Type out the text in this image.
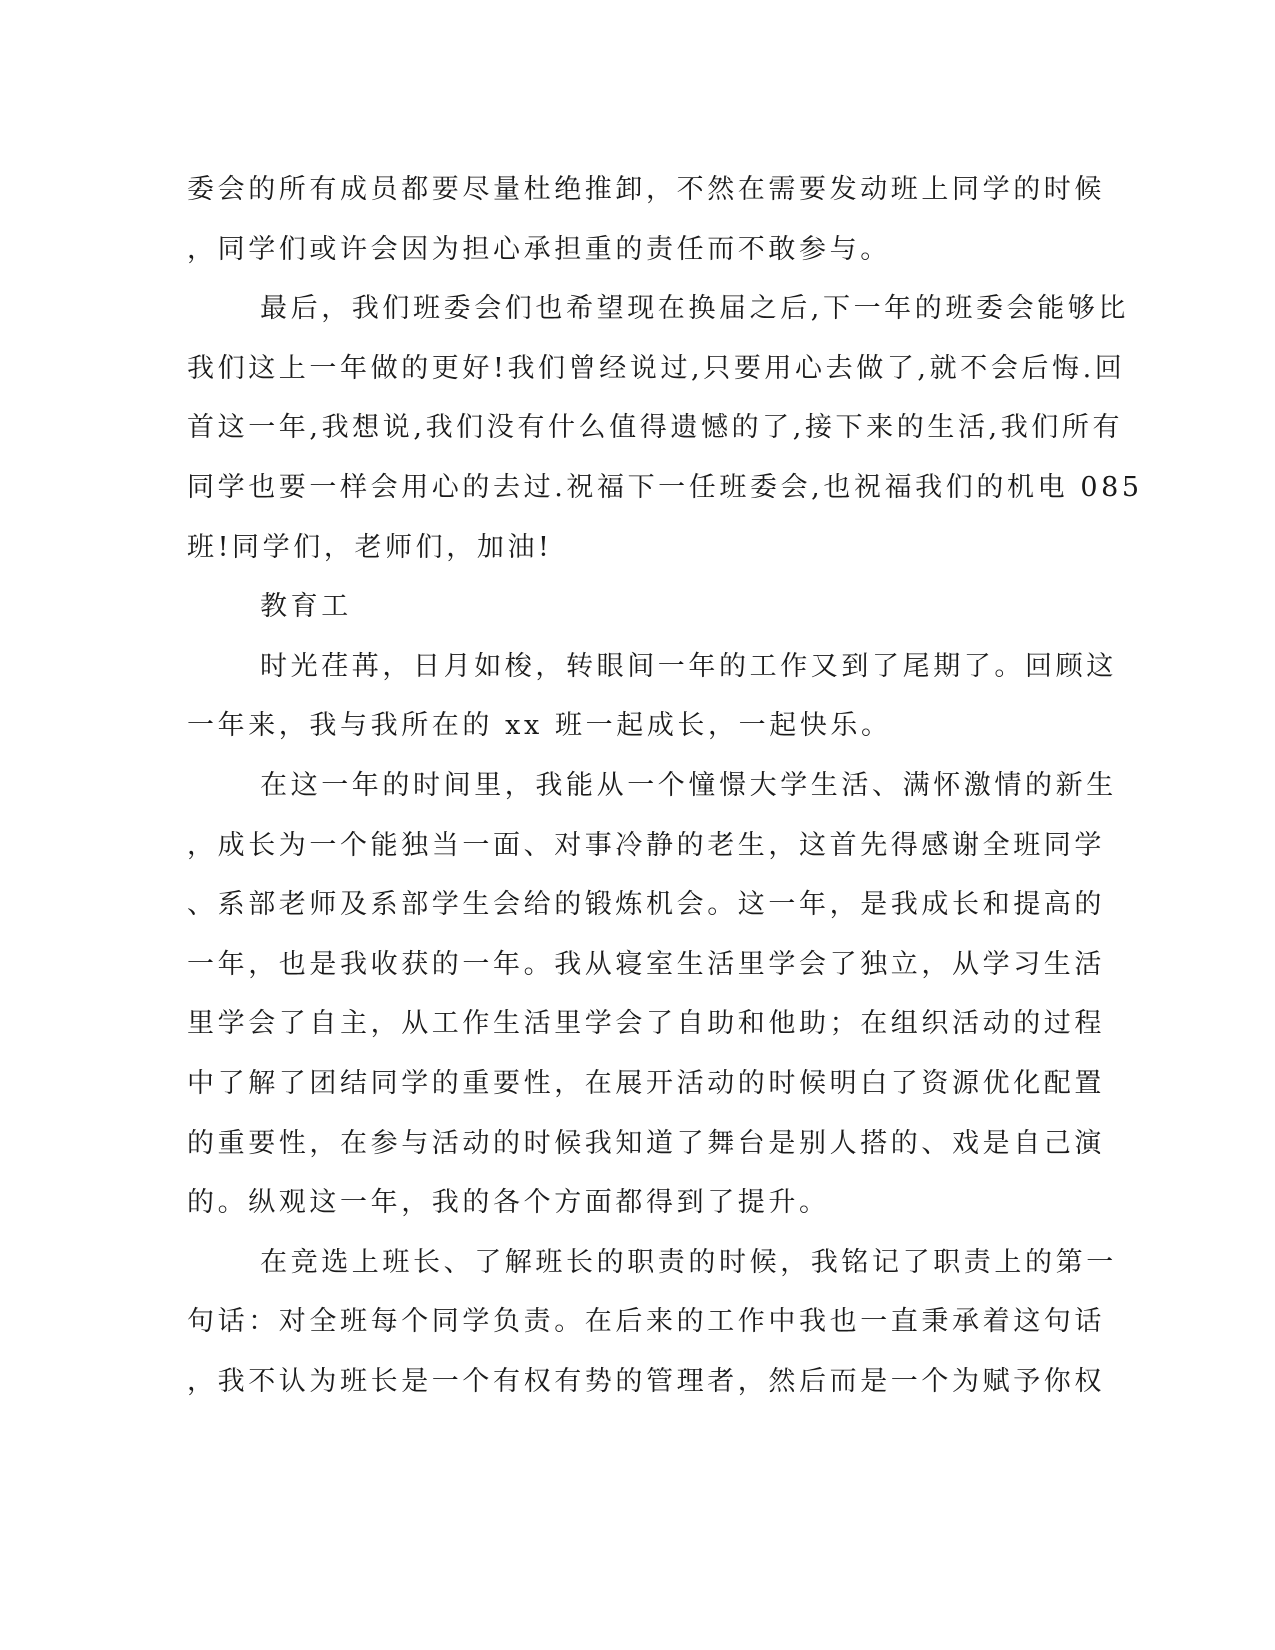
委会的所有成员都要尽量杜绝推卸，不然在需要发动班上同学的时候
，同学们或许会因为担心承担重的责任而不敢参与。
最后，我们班委会们也希望现在换届之后,下一年的班委会能够比
我们这上一年做的更好!我们曾经说过,只要用心去做了,就不会后悔.回
首这一年,我想说,我们没有什么值得遗憾的了,接下来的生活,我们所有
同学也要一样会用心的去过.祝福下一任班委会,也祝福我们的机电 085
班!同学们，老师们，加油!
教育工
时光荏苒，日月如梭，转眼间一年的工作又到了尾期了。回顾这
一年来，我与我所在的 xx 班一起成长，一起快乐。
在这一年的时间里，我能从一个憧憬大学生活、满怀激情的新生
，成长为一个能独当一面、对事冷静的老生，这首先得感谢全班同学
、系部老师及系部学生会给的锻炼机会。这一年，是我成长和提高的
一年，也是我收获的一年。我从寝室生活里学会了独立，从学习生活
里学会了自主，从工作生活里学会了自助和他助；在组织活动的过程
中了解了团结同学的重要性，在展开活动的时候明白了资源优化配置
的重要性，在参与活动的时候我知道了舞台是别人搭的、戏是自己演
的。纵观这一年，我的各个方面都得到了提升。
在竞选上班长、了解班长的职责的时候，我铭记了职责上的第一
句话：对全班每个同学负责。在后来的工作中我也一直秉承着这句话
，我不认为班长是一个有权有势的管理者，然后而是一个为赋予你权
